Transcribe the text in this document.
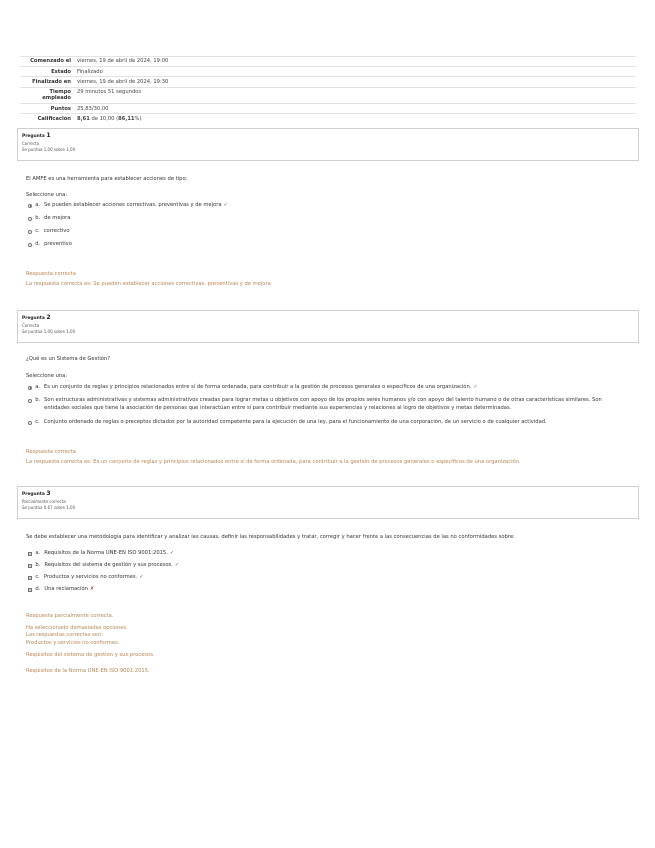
Comenzado el	viernes, 19 de abril de 2024, 19:00
Estado	Finalizado
Finalizado en	viernes, 19 de abril de 2024, 19:30
Tiempo empleado	29 minutos 51 segundos
Puntos	25,83/30,00
Calificación	8,61 de 10,00 (86,11%)
Pregunta 1
Correcta
Se puntúa 1,00 sobre 1,00
El AMFE es una herramienta para establecer acciones de tipo:
Seleccione una:
a. Se pueden establecer acciones correctivas, preventivas y de mejora ✓
b. de mejora
c. correctivo
d. preventivo
Respuesta correcta
La respuesta correcta es: Se pueden establecer acciones correctivas, preventivas y de mejora
Pregunta 2
Correcta
Se puntúa 1,00 sobre 1,00
¿Qué es un Sistema de Gestión?
Seleccione una:
a. Es un conjunto de reglas y principios relacionados entre sí de forma ordenada, para contribuir a la gestión de procesos generales o específicos de una organización. ✓
b. Son estructuras administrativas y sistemas administrativos creadas para lograr metas u objetivos con apoyo de los propios seres humanos y/o con apoyo del talento humano o de otras características similares. Son entidades sociales que tiene la asociación de personas que interactúan entre sí para contribuir mediante sus experiencias y relaciones al logro de objetivos y metas determinadas.
c. Conjunto ordenado de reglas o preceptos dictados por la autoridad competente para la ejecución de una ley, para el funcionamiento de una corporación, de un servicio o de cualquier actividad.
Respuesta correcta
La respuesta correcta es: Es un conjunto de reglas y principios relacionados entre sí de forma ordenada, para contribuir a la gestión de procesos generales o específicos de una organización.
Pregunta 3
Parcialmente correcta
Se puntúa 0,67 sobre 1,00
Se debe establecer una metodología para identificar y analizar las causas, definir las responsabilidades y tratar, corregir y hacer frente a las consecuencias de las no conformidades sobre:
a. Requisitos de la Norma UNE-EN ISO 9001:2015. ✓
b. Requisitos del sistema de gestión y sus procesos. ✓
c. Productos y servicios no conformes. ✓
d. Una reclamación ✗
Respuesta parcialmente correcta.
Ha seleccionado demasiadas opciones.
Las respuestas correctas son:
Productos y servicios no conformes.
Requisitos del sistema de gestión y sus procesos.
Requisitos de la Norma UNE-EN ISO 9001:2015.
